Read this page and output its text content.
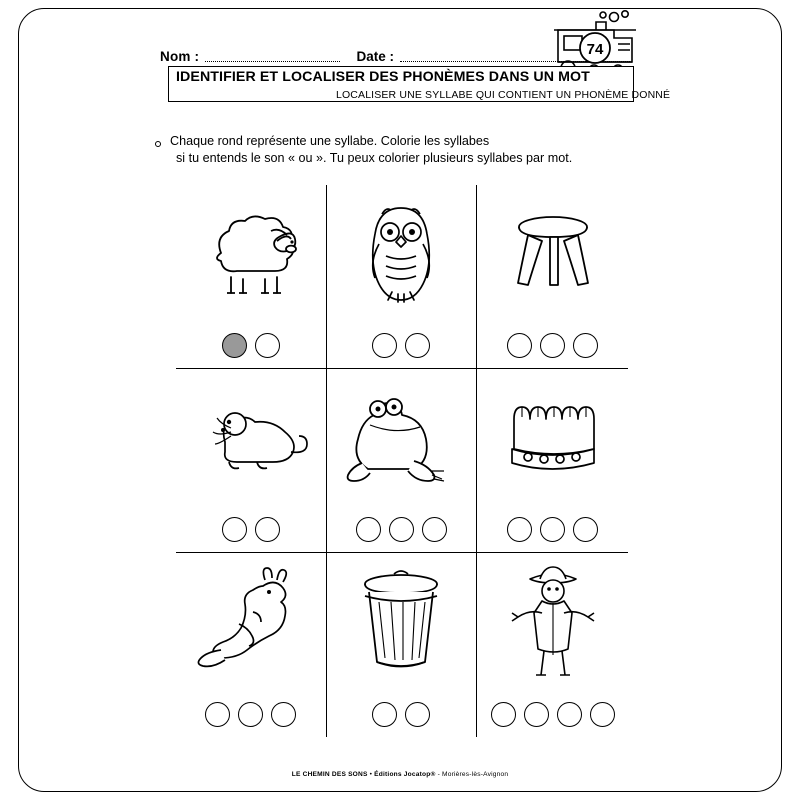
Nom :	Date :	74
IDENTIFIER ET LOCALISER DES PHONÈMES DANS UN MOT
LOCALISER UNE SYLLABE QUI CONTIENT UN PHONÈME DONNÉ
Chaque rond représente une syllabe. Colorie les syllabes
si tu entends le son « ou ». Tu peux colorier plusieurs syllabes par mot.
LE CHEMIN DES SONS • Éditions Jocatop® - Morières-lès-Avignon
